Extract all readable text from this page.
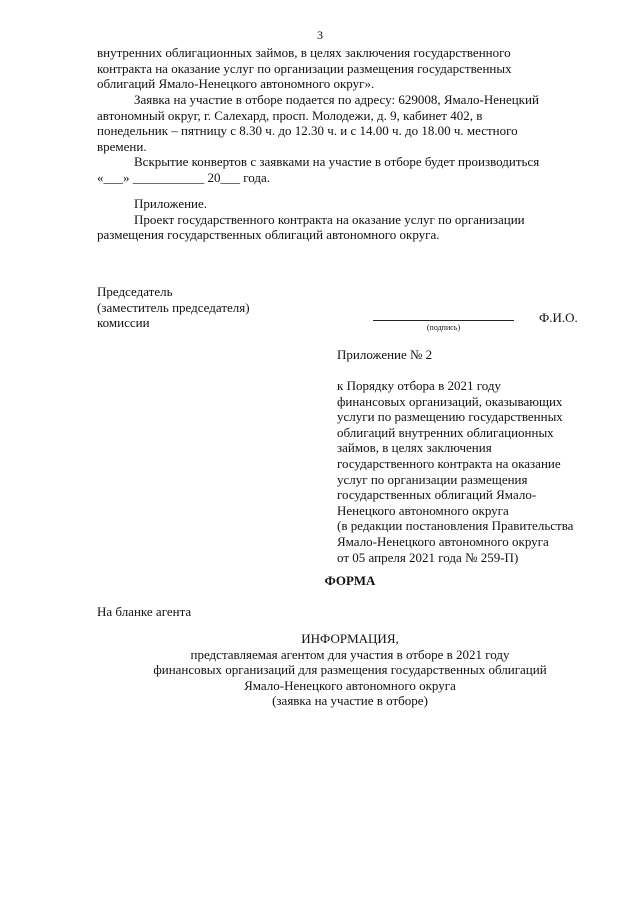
3
внутренних облигационных займов, в целях заключения государственного
контракта на оказание услуг по организации размещения государственных
облигаций Ямало-Ненецкого автономного округ».
Заявка на участие в отборе подается по адресу: 629008, Ямало-Ненецкий
автономный округ, г. Салехард, просп. Молодежи, д. 9, кабинет 402, в
понедельник – пятницу с 8.30 ч. до 12.30 ч. и с 14.00 ч. до 18.00 ч. местного
времени.
Вскрытие конвертов с заявками на участие в отборе будет производиться
«___» ___________ 20___ года.
Приложение.
Проект государственного контракта на оказание услуг по организации
размещения государственных облигаций автономного округа.
Председатель
(заместитель председателя)
комиссии	(подпись)
Ф.И.О.
Приложение № 2
к Порядку отбора в 2021 году
финансовых организаций, оказывающих
услуги по размещению государственных
облигаций внутренних облигационных
займов, в целях заключения
государственного контракта на оказание
услуг по организации размещения
государственных облигаций Ямало-
Ненецкого автономного округа
(в редакции постановления Правительства
Ямало-Ненецкого автономного округа
от 05 апреля 2021 года № 259-П)
ФОРМА
На бланке агента
ИНФОРМАЦИЯ,
представляемая агентом для участия в отборе в 2021 году
финансовых организаций для размещения государственных облигаций
Ямало-Ненецкого автономного округа
(заявка на участие в отборе)
